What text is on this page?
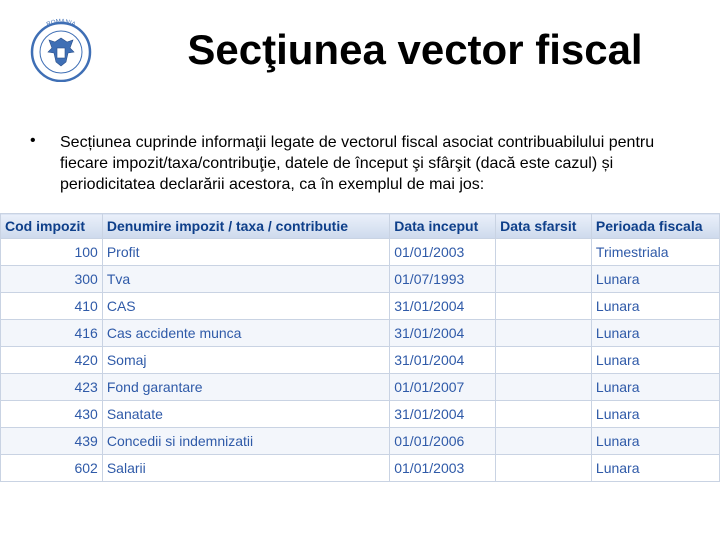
ROMANIA
Secţiunea vector fiscal
• Secțiunea cuprinde informaţii legate de vectorul fiscal asociat contribuabilului pentru fiecare impozit/taxa/contribuţie, datele de început şi sfârşit (dacă este cazul) și periodicitatea declarării acestora, ca în exemplul de mai jos:
Cod impozit	Denumire impozit / taxa / contributie	Data inceput	Data sfarsit	Perioada fiscala
100	Profit	01/01/2003		Trimestriala
300	Tva	01/07/1993		Lunara
410	CAS	31/01/2004		Lunara
416	Cas accidente munca	31/01/2004		Lunara
420	Somaj	31/01/2004		Lunara
423	Fond garantare	01/01/2007		Lunara
430	Sanatate	31/01/2004		Lunara
439	Concedii si indemnizatii	01/01/2006		Lunara
602	Salarii	01/01/2003		Lunara
